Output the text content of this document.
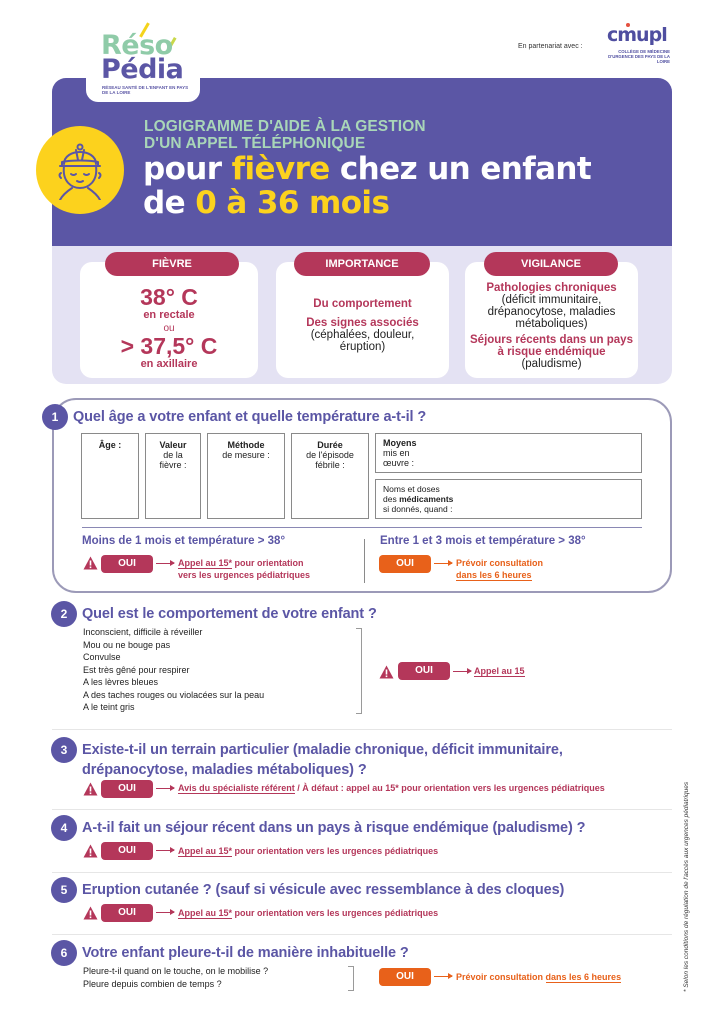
Réso
Pédia
RÉSEAU SANTÉ DE L'ENFANT EN PAYS DE LA LOIRE
En partenariat avec :
cmupl
COLLÈGE DE MÉDECINE D'URGENCE DES PAYS DE LA LOIRE
LOGIGRAMME D'AIDE À LA GESTION
D'UN APPEL TÉLÉPHONIQUE
pour fièvre chez un enfant
de 0 à 36 mois
38° C
en rectale
ou
> 37,5° C
en axillaire
FIÈVRE
Du comportement
Des signes associés
(céphalées, douleur, éruption)
IMPORTANCE
Pathologies chroniques
(déficit immunitaire, drépanocytose, maladies métaboliques)
Séjours récents dans un pays à risque endémique
(paludisme)
VIGILANCE
1	Quel âge a votre enfant et quelle température a-t-il ?
Âge :	Valeur
de la fièvre :
Méthode
de mesure :
Durée
de l'épisode fébrile :
Moyens
mis en
œuvre :
Noms et doses
des médicaments
si donnés, quand :
Moins de 1 mois et température > 38°
OUI	Appel au 15* pour orientation
vers les urgences pédiatriques
Entre 1 et 3 mois et température > 38°
OUI	Prévoir consultation
dans les 6 heures
2	Quel est le comportement de votre enfant ?
Inconscient, difficile à réveiller
Mou ou ne bouge pas
Convulse
Est très gêné pour respirer
A les lèvres bleues
A des taches rouges ou violacées sur la peau
A le teint gris
OUI	Appel au 15
3	Existe-t-il un terrain particulier (maladie chronique, déficit immunitaire,
drépanocytose, maladies métaboliques) ?
OUI	Avis du spécialiste référent / À défaut : appel au 15* pour orientation vers les urgences pédiatriques
4	A-t-il fait un séjour récent dans un pays à risque endémique (paludisme) ?
OUI	Appel au 15* pour orientation vers les urgences pédiatriques
5	Eruption cutanée ? (sauf si vésicule avec ressemblance à des cloques)
OUI	Appel au 15* pour orientation vers les urgences pédiatriques
6	Votre enfant pleure-t-il de manière inhabituelle ?
Pleure-t-il quand on le touche, on le mobilise ?
Pleure depuis combien de temps ?
OUI	Prévoir consultation dans les 6 heures	* Selon les conditions de régulation de l'accès aux urgences pédiatriques
